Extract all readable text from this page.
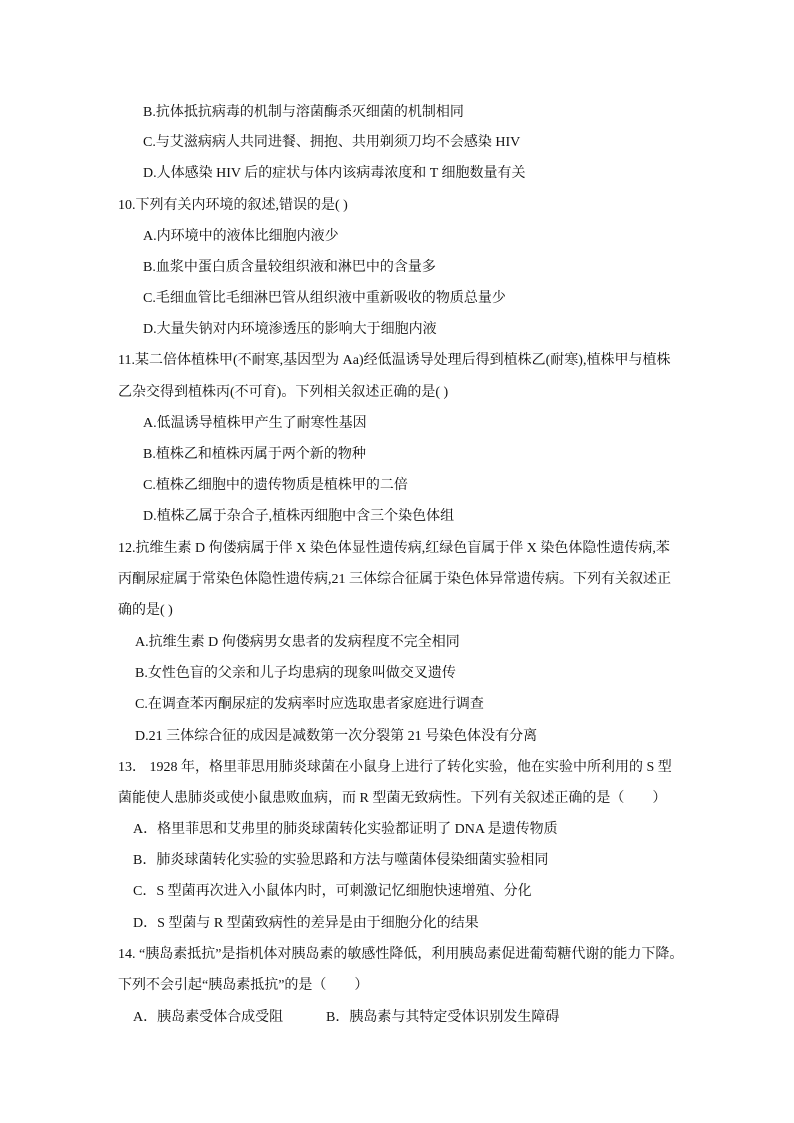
B.抗体抵抗病毒的机制与溶菌酶杀灭细菌的机制相同
C.与艾滋病病人共同进餐、拥抱、共用剃须刀均不会感染 HIV
D.人体感染 HIV 后的症状与体内该病毒浓度和 T 细胞数量有关
10.下列有关内环境的叙述,错误的是( )
A.内环境中的液体比细胞内液少
B.血浆中蛋白质含量较组织液和淋巴中的含量多
C.毛细血管比毛细淋巴管从组织液中重新吸收的物质总量少
D.大量失钠对内环境渗透压的影响大于细胞内液
11.某二倍体植株甲(不耐寒,基因型为 Aa)经低温诱导处理后得到植株乙(耐寒),植株甲与植株
乙杂交得到植株丙(不可育)。下列相关叙述正确的是( )
A.低温诱导植株甲产生了耐寒性基因
B.植株乙和植株丙属于两个新的物种
C.植株乙细胞中的遗传物质是植株甲的二倍
D.植株乙属于杂合子,植株丙细胞中含三个染色体组
12.抗维生素 D 佝偻病属于伴 X 染色体显性遗传病,红绿色盲属于伴 X 染色体隐性遗传病,苯
丙酮尿症属于常染色体隐性遗传病,21 三体综合征属于染色体异常遗传病。下列有关叙述正
确的是( )
A.抗维生素 D 佝偻病男女患者的发病程度不完全相同
B.女性色盲的父亲和儿子均患病的现象叫做交叉遗传
C.在调查苯丙酮尿症的发病率时应选取患者家庭进行调查
D.21 三体综合征的成因是减数第一次分裂第 21 号染色体没有分离
13． 1928 年，格里菲思用肺炎球菌在小鼠身上进行了转化实验，他在实验中所利用的 S 型
菌能使人患肺炎或使小鼠患败血病，而 R 型菌无致病性。下列有关叙述正确的是（　　）
A．格里菲思和艾弗里的肺炎球菌转化实验都证明了 DNA 是遗传物质
B．肺炎球菌转化实验的实验思路和方法与噬菌体侵染细菌实验相同
C．S 型菌再次进入小鼠体内时，可刺激记忆细胞快速增殖、分化
D．S 型菌与 R 型菌致病性的差异是由于细胞分化的结果
14. “胰岛素抵抗”是指机体对胰岛素的敏感性降低，利用胰岛素促进葡萄糖代谢的能力下降。
下列不会引起“胰岛素抵抗”的是（　　）
A．胰岛素受体合成受阻	B．胰岛素与其特定受体识别发生障碍
